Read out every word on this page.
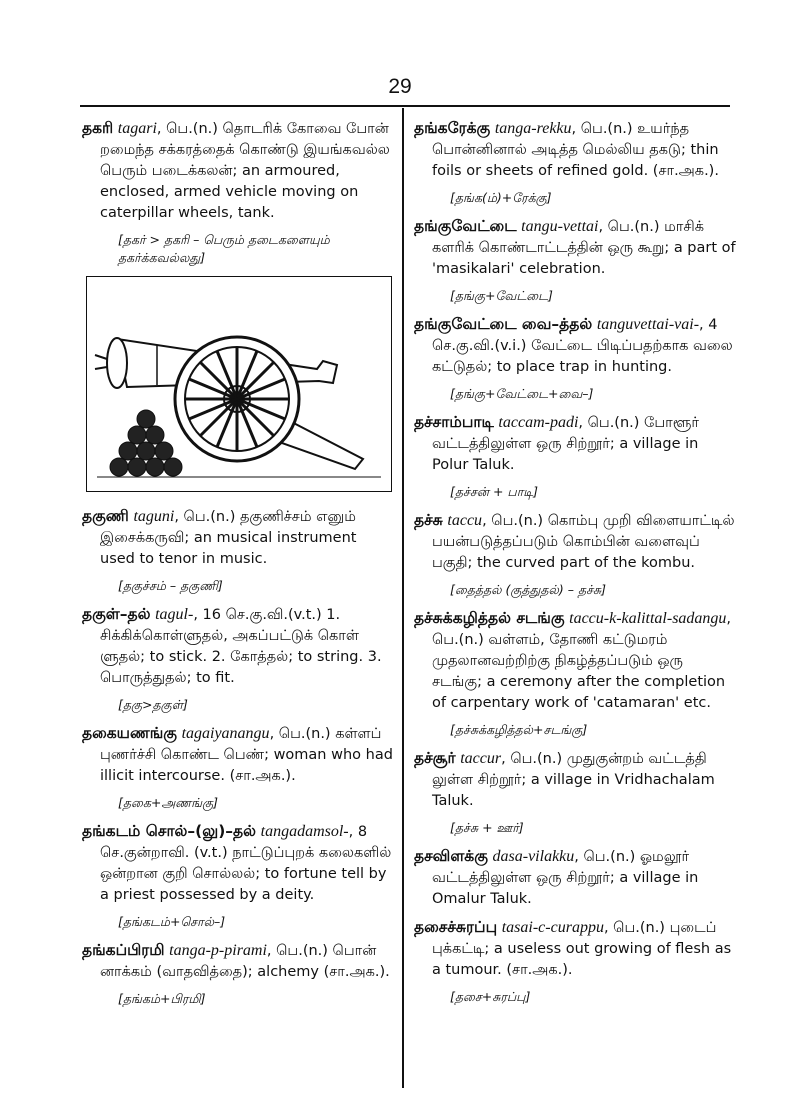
29
தகரி tagari, பெ.(n.) தொடரிக் கோவை போன் றமைந்த சக்கரத்தைக் கொண்டு இயங்கவல்ல பெரும் படைக்கலன்; an armoured, enclosed, armed vehicle moving on caterpillar wheels, tank.
[தகர் > தகரி – பெரும் தடைகளையும் தகர்க்கவல்லது]
தகுணி taguni, பெ.(n.) தகுணிச்சம் எனும் இசைக்கருவி; an musical instrument used to tenor in music.
[தகுச்சம் – தகுணி]
தகுள்–தல் tagul-, 16 செ.கு.வி.(v.t.) 1. சிக்கிக்கொள்ளுதல், அகப்பட்டுக் கொள் ளுதல்; to stick. 2. கோத்தல்; to string. 3. பொருத்துதல்; to fit.
[தகு>தகுள்]
தகையணங்கு tagaiyanangu, பெ.(n.) கள்ளப் புணர்ச்சி கொண்ட பெண்; woman who had illicit intercourse. (சா.அக.).
[தகை+அணங்கு]
தங்கடம் சொல்–(லு)–தல் tangadamsol-, 8 செ.குன்றாவி. (v.t.) நாட்டுப்புறக் கலைகளில் ஒன்றான குறி சொல்லல்; to fortune tell by a priest possessed by a deity.
[தங்கடம்+சொல்–]
தங்கப்பிரமி tanga-p-pirami, பெ.(n.) பொன் னாக்கம் (வாதவித்தை); alchemy (சா.அக.).
[தங்கம்+பிரமி]
தங்கரேக்கு tanga-rekku, பெ.(n.) உயர்ந்த பொன்னினால் அடித்த மெல்லிய தகடு; thin foils or sheets of refined gold. (சா.அக.).
[தங்க(ம்)+ரேக்கு]
தங்குவேட்டை tangu-vettai, பெ.(n.) மாசிக் களரிக் கொண்டாட்டத்தின் ஒரு கூறு; a part of 'masikalari' celebration.
[தங்கு+வேட்டை]
தங்குவேட்டை வை–த்தல் tanguvettai-vai-, 4 செ.கு.வி.(v.i.) வேட்டை பிடிப்பதற்காக வலை கட்டுதல்; to place trap in hunting.
[தங்கு+வேட்டை+வை–]
தச்சாம்பாடி taccam-padi, பெ.(n.) போளூர் வட்டத்திலுள்ள ஒரு சிற்றூர்; a village in Polur Taluk.
[தச்சன் + பாடி]
தச்சு taccu, பெ.(n.) கொம்பு முறி விளையாட்டில் பயன்படுத்தப்படும் கொம்பின் வளைவுப் பகுதி; the curved part of the kombu.
[தைத்தல் (குத்துதல்) – தச்சு]
தச்சுக்கழித்தல் சடங்கு taccu-k-kalittal-sadangu, பெ.(n.) வள்ளம், தோணி கட்டுமரம் முதலானவற்றிற்கு நிகழ்த்தப்படும் ஒரு சடங்கு; a ceremony after the completion of carpentary work of 'catamaran' etc.
[தச்சுக்கழித்தல்+சடங்கு]
தச்சூர் taccur, பெ.(n.) முதுகுன்றம் வட்டத்தி லுள்ள சிற்றூர்; a village in Vridhachalam Taluk.
[தச்சு + ஊர்]
தசவிளக்கு dasa-vilakku, பெ.(n.) ஓமலூர் வட்டத்திலுள்ள ஒரு சிற்றூர்; a village in Omalur Taluk.
தசைச்சுரப்பு tasai-c-curappu, பெ.(n.) புடைப் புக்கட்டி; a useless out growing of flesh as a tumour. (சா.அக.).
[தசை+சுரப்பு]
